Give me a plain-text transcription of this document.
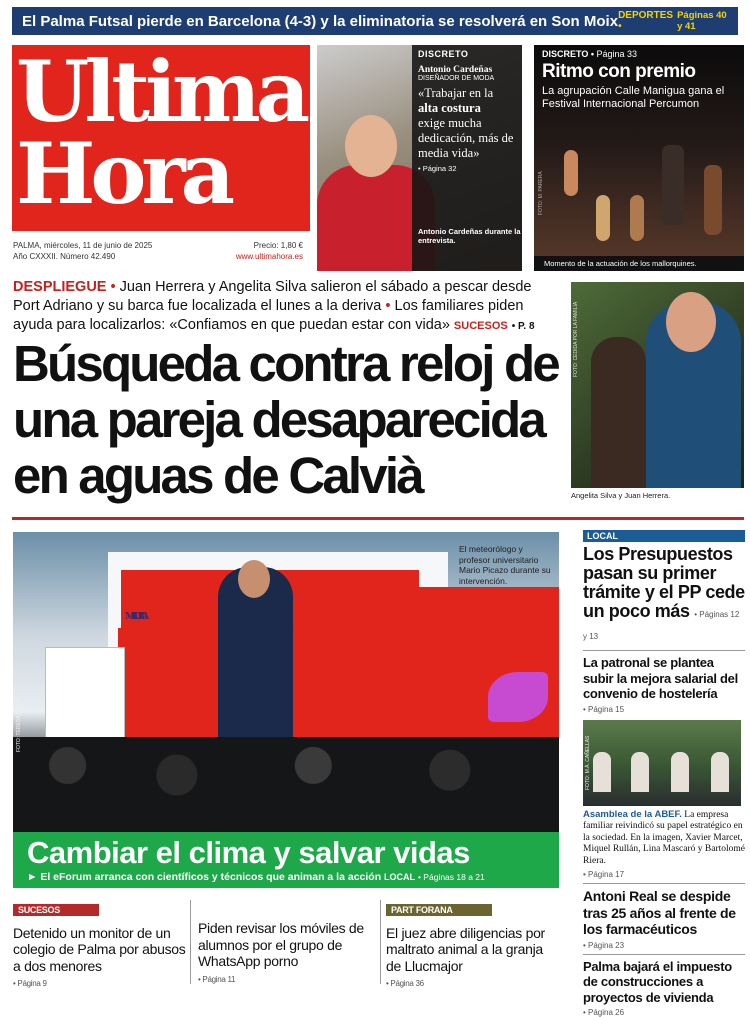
El Palma Futsal pierde en Barcelona (4-3) y la eliminatoria se resolverá en Son Moix DEPORTES •
Páginas 40 y 41
Ultima
Hora
PALMA, miércoles, 11 de junio de 2025
Año CXXXII. Número 42.490
Precio: 1,80 €
www.ultimahora.es
DISCRETO
Antonio Cardeñas
DISEÑADOR DE MODA
«Trabajar en la
alta costura
exige mucha dedicación, más de media vida»
• Página 32
Antonio Cardeñas durante la entrevista.
DISCRETO • Página 33
Ritmo con premio
La agrupación Calle Manigua gana el Festival Internacional Percumon
FOTO: M. PARERA
Momento de la actuación de los mallorquines.
DESPLIEGUE • Juan Herrera y Angelita Silva salieron el sábado a pescar desde Port Adriano y su barca fue localizada el lunes a la deriva • Los familiares piden ayuda para localizarlos: «Confiamos en que puedan estar con vida» SUCESOS • P. 8
Búsqueda contra reloj de una pareja desaparecida en aguas de Calvià
FOTO: CEDIDA POR LA FAMILIA
Angelita Silva y Juan Herrera.
MALLORCA
El meteorólogo y profesor universitario Mario Picazo durante su intervención.
FOTO: TERESA AYUGA
Cambiar el clima y salvar vidas
► El eForum arranca con científicos y técnicos que animan a la acción LOCAL • Páginas 18 a 21
SUCESOS
Detenido un monitor de un colegio de Palma por abusos a dos menores
• Página 9
Piden revisar los móviles de alumnos por el grupo de WhatsApp porno
• Página 11
PART FORANA
El juez abre diligencias por maltrato animal a la granja de Llucmajor
• Página 36
LOCAL
Los Presupuestos pasan su primer trámite y el PP cede un poco más • Páginas 12 y 13
La patronal se plantea subir la mejora salarial del convenio de hostelería
• Página 15
FOTO: M.À. CAÑELLAS
Asamblea de la ABEF. La empresa familiar reivindicó su papel estratégico en la sociedad. En la imagen, Xavier Marcet, Miquel Rullán, Lina Mascaró y Bartolomé Riera.
• Página 17
Antoni Real se despide tras 25 años al frente de los farmacéuticos
• Página 23
Palma bajará el impuesto de construcciones a proyectos de vivienda
• Página 26
